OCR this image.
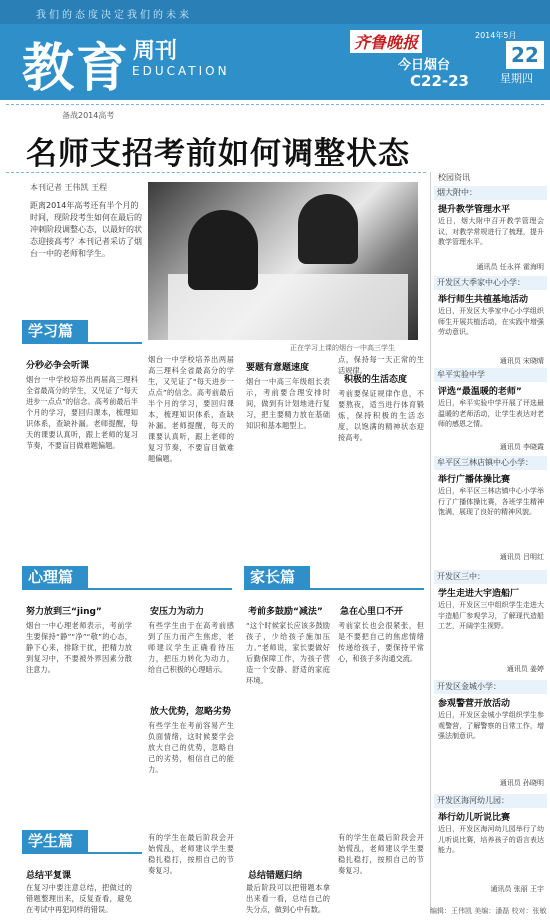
我们的态度决定我们的未来
教育 周刊
EDUCATION
齐鲁晚报	2014年5月
22
星期四
今日烟台
C22-23
备战2014高考
名师支招考前如何调整状态
本刊记者 王伟凯 王程
距离2014年高考还有半个月的时间，现阶段考生如何在最后的冲刺阶段调整心态，以最好的状态迎接高考？本刊记者采访了烟台一中的老师和学生。
正在学习上课的烟台一中高三学生
学习篇
分秒必争会听课
烟台一中学校培养出两届高三理科全省最高分的学生，又见证了“每天进步一点点”的信念。高考前最后半个月的学习，要回归课本，梳理知识体系，查缺补漏。老师提醒，每天的课要认真听，跟上老师的复习节奏，不要盲目做难题偏题。
烟台一中学校培养出两届高三理科全省最高分的学生，又见证了“每天进步一点点”的信念。高考前最后半个月的学习，要回归课本，梳理知识体系，查缺补漏。老师提醒，每天的课要认真听，跟上老师的复习节奏，不要盲目做难题偏题。
要题有意题速度
烟台一中高三年级组长表示，考前要合理安排时间，做到有计划地进行复习，把主要精力放在基础知识和基本题型上。
点，保持每一天正常的生活规律。
积极的生活态度
考前要保证规律作息，不要熬夜，适当进行体育锻炼，保持积极的生活态度，以饱满的精神状态迎接高考。
心理篇
努力放到三“jing”
烟台一中心理老师表示，考前学生要保持“静”“净”“敬”的心态，静下心来，排除干扰，把精力放到复习中，不要被外界因素分散注意力。
安压力为动力
有些学生由于在高考前感到了压力而产生焦虑，老师建议学生正确看待压力，把压力转化为动力，给自己积极的心理暗示。
放大优势，忽略劣势
有些学生在考前容易产生负面情绪，这时候要学会放大自己的优势，忽略自己的劣势，相信自己的能力。
家长篇
考前多鼓励“减法”
“这个时候家长应该多鼓励孩子，少给孩子施加压力。”老师说，家长要做好后勤保障工作，为孩子营造一个安静、舒适的家庭环境。
急在心里口不开
考前家长也会很紧张，但是不要把自己的焦虑情绪传递给孩子，要保持平常心，和孩子多沟通交流。
学生篇
总结平复课
在复习中要注意总结，把做过的错题整理出来，反复查看，避免在考试中再犯同样的错误。
有的学生在最后阶段会开始慌乱，老师建议学生要稳扎稳打，按照自己的节奏复习。
总结错题归纳
最后阶段可以把错题本拿出来看一看，总结自己的失分点，做到心中有数。
有的学生在最后阶段会开始慌乱，老师建议学生要稳扎稳打，按照自己的节奏复习。
校园资讯
烟大附中：
提升教学管理水平
近日，烟大附中召开教学管理会议，对教学常规进行了梳理，提升教学管理水平。
通讯员 任永祥 霍海明
开发区大季家中心小学：
举行师生共植基地活动
近日，开发区大季家中心小学组织师生开展共植活动，在实践中增强劳动意识。
通讯员 宋晓晴
牟平实验中学
评选“最温暖的老师”
近日，牟平实验中学开展了评选最温暖的老师活动，让学生表达对老师的感恩之情。
通讯员 李晓霞
牟平区三林店镇中心小学：
举行广播体操比赛
近日，牟平区三林店镇中心小学举行了广播体操比赛，各班学生精神饱满，展现了良好的精神风貌。
通讯员 吕明红
开发区三中：
学生走进大宇造船厂
近日，开发区三中组织学生走进大宇造船厂参观学习，了解现代造船工艺，开阔学生视野。
通讯员 姜婷
开发区金城小学：
参观警营开放活动
近日，开发区金城小学组织学生参观警营，了解警察的日常工作，增强法制意识。
通讯员 孙晓明
开发区海河幼儿园：
举行幼儿听说比赛
近日，开发区海河幼儿园举行了幼儿听说比赛，培养孩子的语言表达能力。
通讯员 张丽 王宇
编辑：王伟凯 美编：潘磊 校对：张敏
